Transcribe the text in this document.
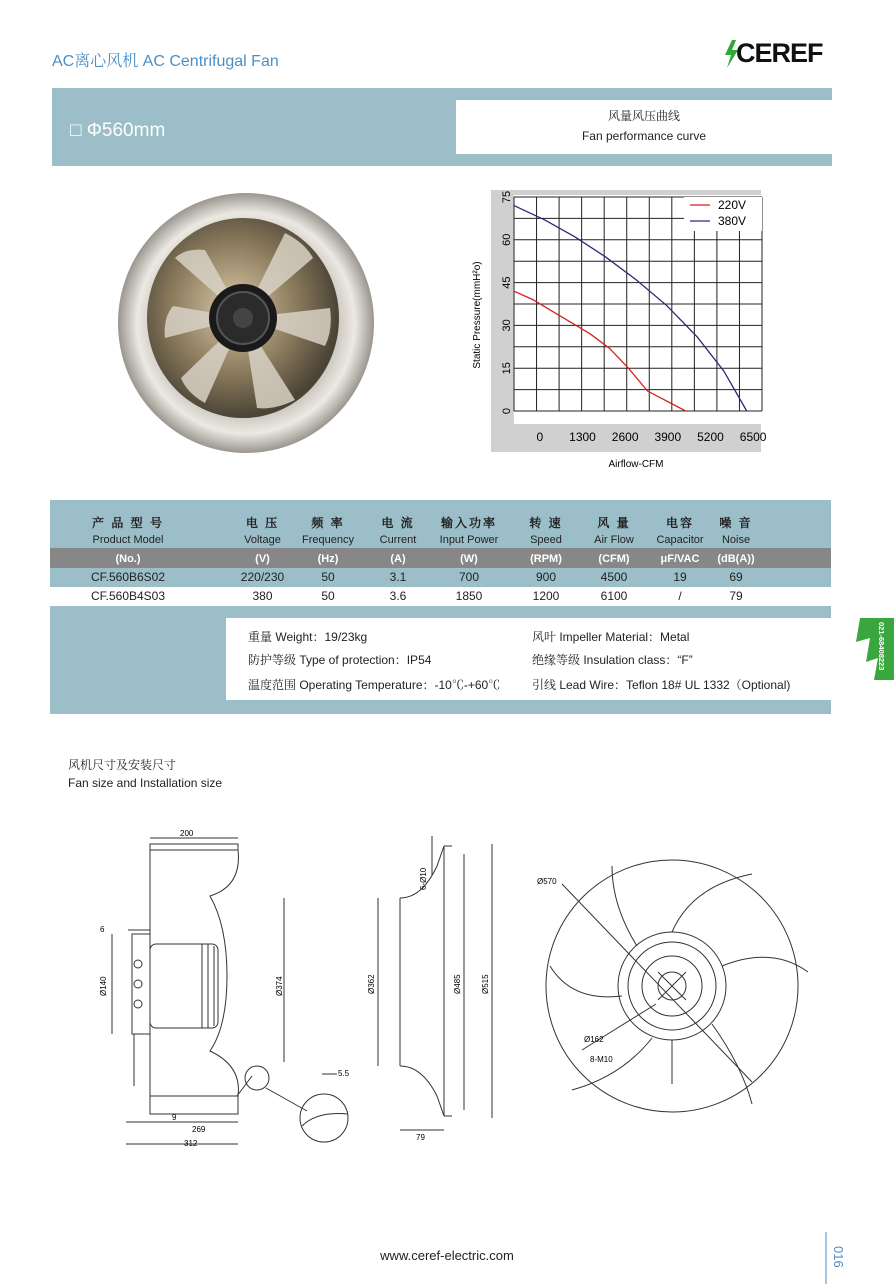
AC离心风机 AC Centrifugal Fan	CEREF
□ Φ560mm
风量风压曲线
Fan performance curve
0 1300 2600 3900 5200 6500
0
15
30
45
60
75
Static Pressure(mmH²o)
Airflow-CFM
220V
380V
产 品 型 号	电 压	频 率	电 流	输入功率	转 速	风 量	电容	噪 音
Product Model	Voltage	Frequency	Current	Input Power	Speed	Air Flow	Capacitor	Noise
(No.)	(V)	(Hz)	(A)	(W)	(RPM)	(CFM)	μF/VAC	(dB(A))
CF.560B6S02	220/230	50	3.1	700	900	4500	19	69
CF.560B4S03	380	50	3.6	1850	1200	6100	/	79
重量 Weight：19/23kg	风叶 Impeller Material：Metal
防护等级 Type of protection：IP54	绝缘等级 Insulation class：“F”
温度范围 Operating Temperature：-10℃-+60℃	引线 Lead Wire：Teflon 18# UL 1332（Optional)
021-68408223
风机尺寸及安装尺寸
Fan size and Installation size
200
6
Ø140	Ø374
9
269
312
5.5
6-Ø10
Ø362	Ø485 Ø515
79
Ø570
Ø162
8-M10
www.ceref-electric.com	016
